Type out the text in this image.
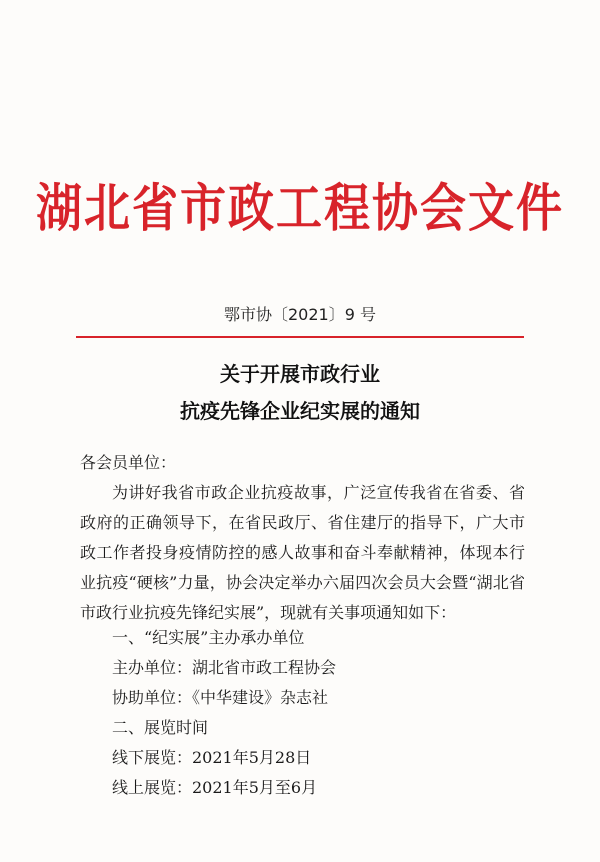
湖北省市政工程协会文件
鄂市协〔2021〕9 号
关于开展市政行业
抗疫先锋企业纪实展的通知
各会员单位：
为讲好我省市政企业抗疫故事，广泛宣传我省在省委、省政府的正确领导下，在省民政厅、省住建厅的指导下，广大市政工作者投身疫情防控的感人故事和奋斗奉献精神，体现本行业抗疫“硬核”力量，协会决定举办六届四次会员大会暨“湖北省市政行业抗疫先锋纪实展”，现就有关事项通知如下：
一、“纪实展”主办承办单位
主办单位：湖北省市政工程协会
协助单位：《中华建设》杂志社
二、展览时间
线下展览：2021年5月28日
线上展览：2021年5月至6月
